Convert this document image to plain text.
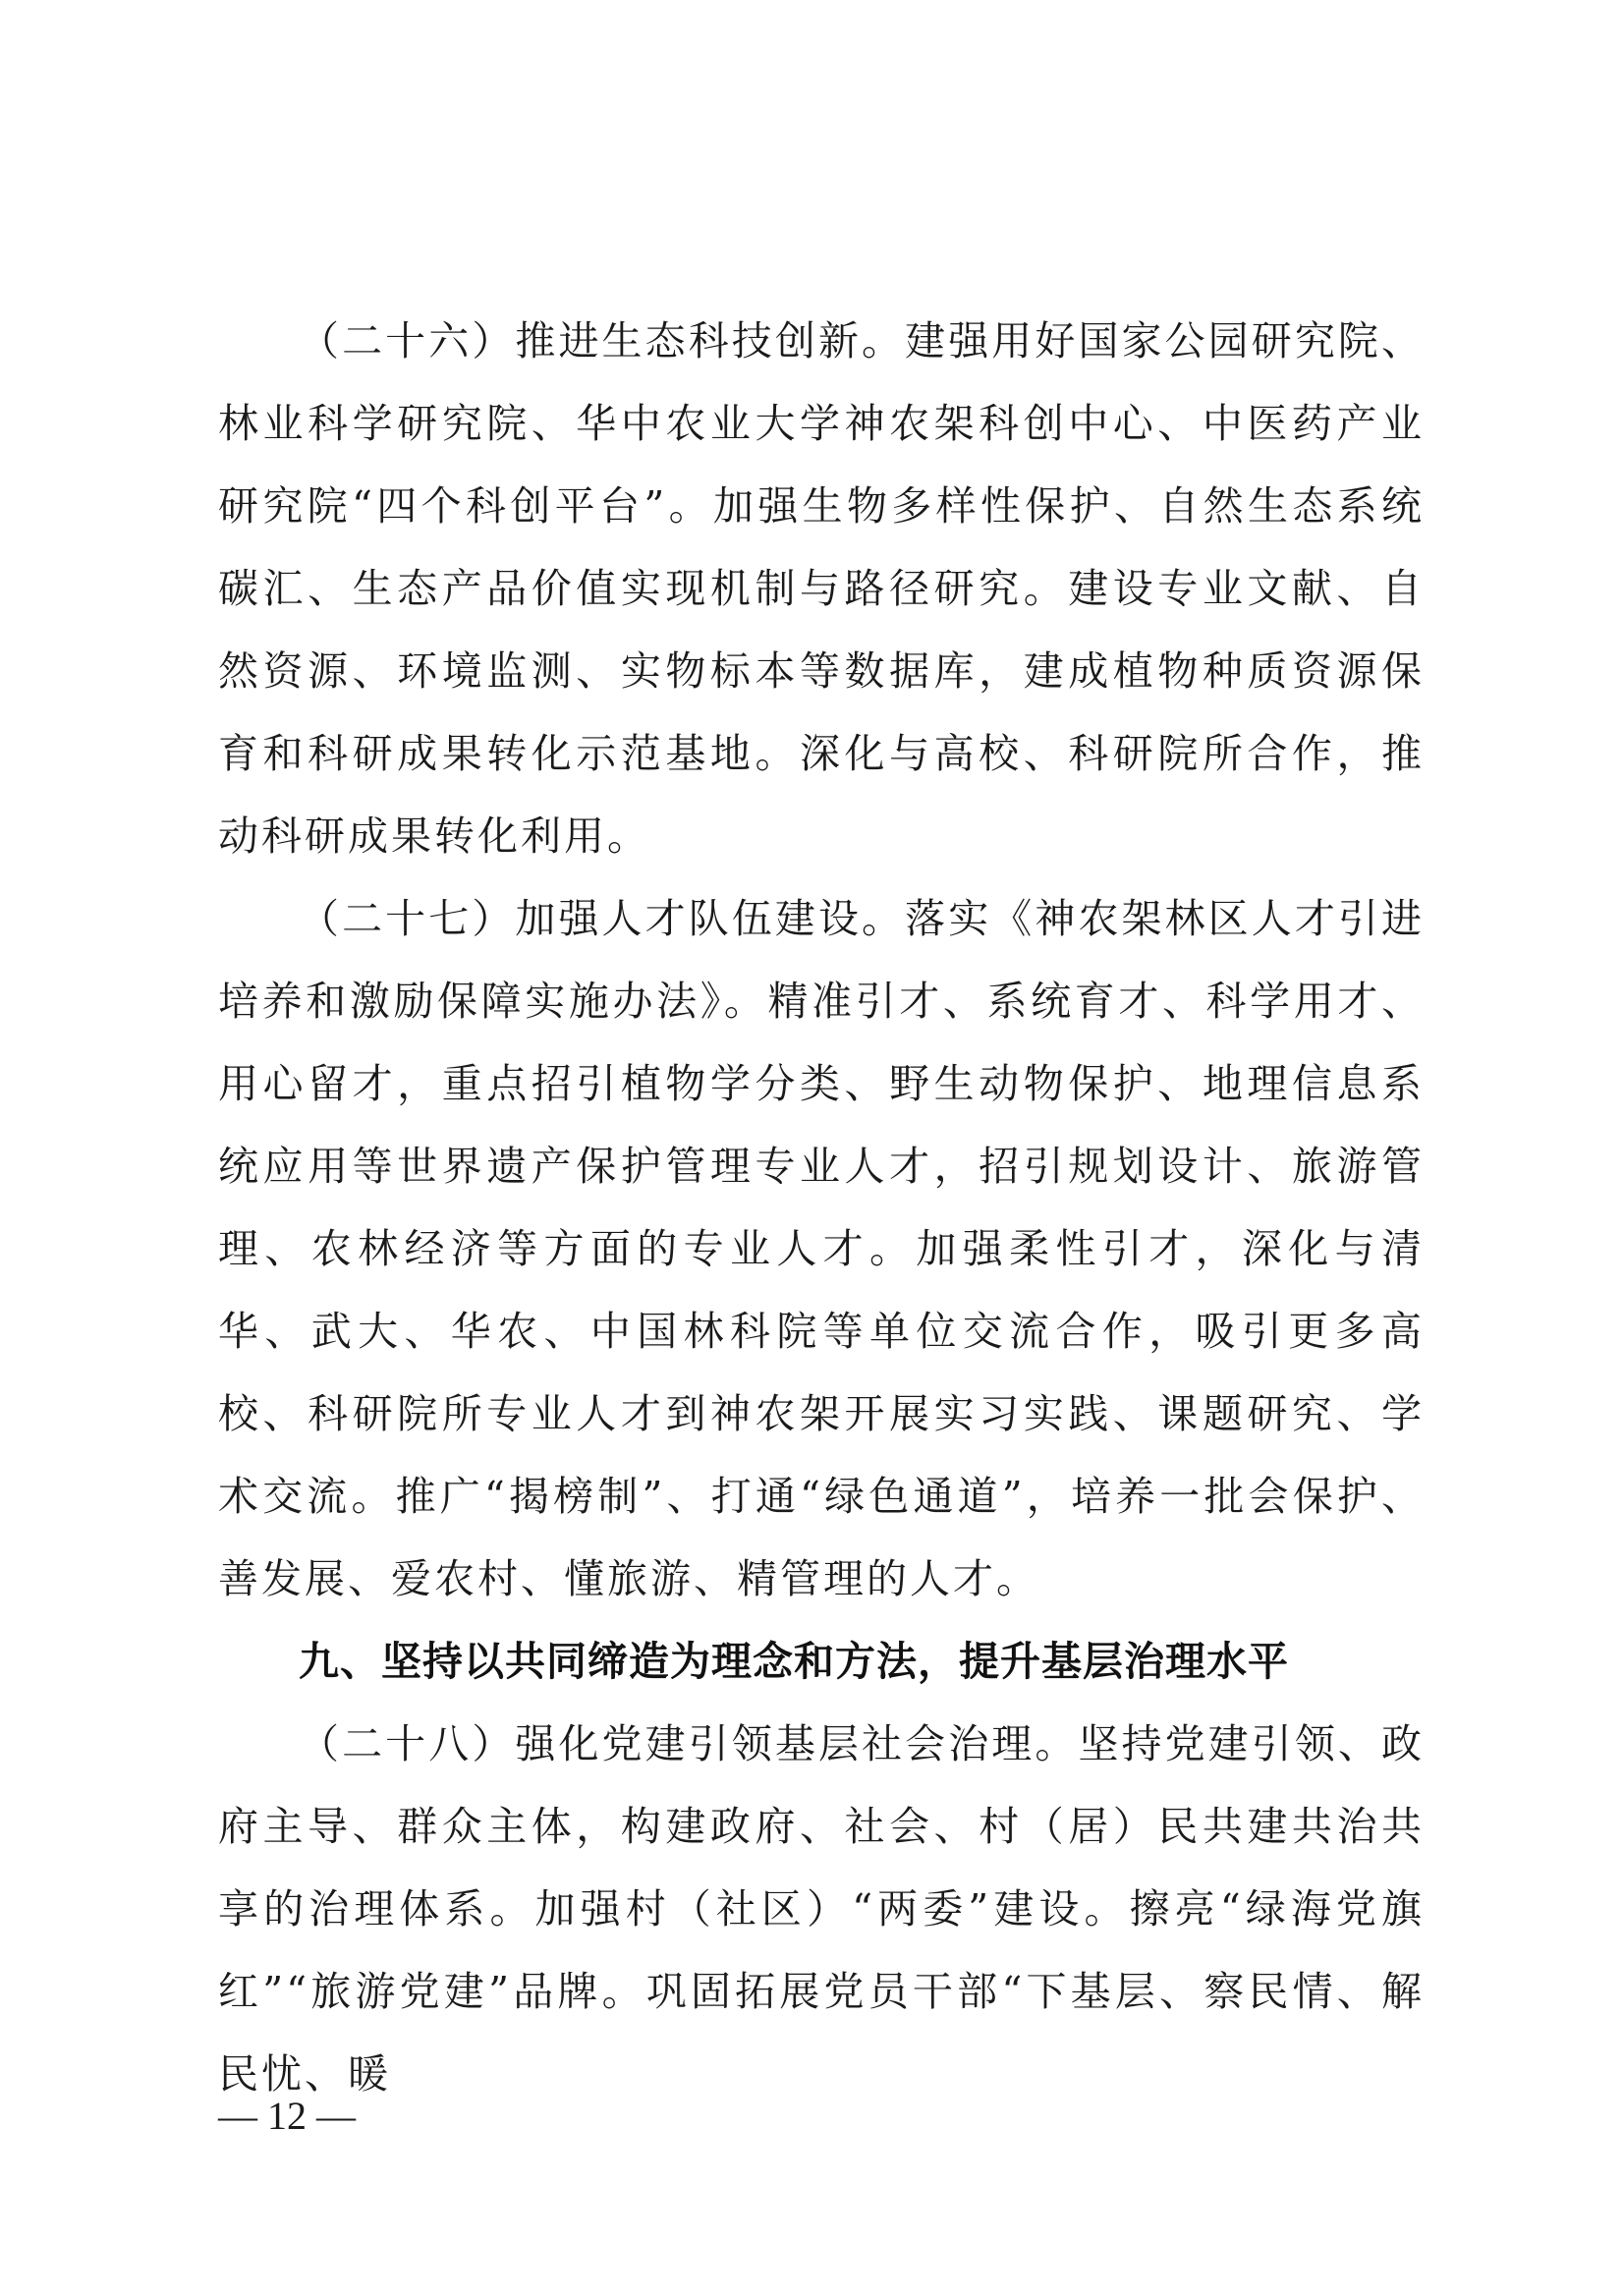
（二十六）推进生态科技创新。建强用好国家公园研究院、林业科学研究院、华中农业大学神农架科创中心、中医药产业研究院“四个科创平台”。加强生物多样性保护、自然生态系统碳汇、生态产品价值实现机制与路径研究。建设专业文献、自然资源、环境监测、实物标本等数据库，建成植物种质资源保育和科研成果转化示范基地。深化与高校、科研院所合作，推动科研成果转化利用。

（二十七）加强人才队伍建设。落实《神农架林区人才引进培养和激励保障实施办法》。精准引才、系统育才、科学用才、用心留才，重点招引植物学分类、野生动物保护、地理信息系统应用等世界遗产保护管理专业人才，招引规划设计、旅游管理、农林经济等方面的专业人才。加强柔性引才，深化与清华、武大、华农、中国林科院等单位交流合作，吸引更多高校、科研院所专业人才到神农架开展实习实践、课题研究、学术交流。推广“揭榜制”、打通“绿色通道”，培养一批会保护、善发展、爱农村、懂旅游、精管理的人才。

九、坚持以共同缔造为理念和方法，提升基层治理水平

（二十八）强化党建引领基层社会治理。坚持党建引领、政府主导、群众主体，构建政府、社会、村（居）民共建共治共享的治理体系。加强村（社区）“两委”建设。擦亮“绿海党旗红”“旅游党建”品牌。巩固拓展党员干部“下基层、察民情、解民忧、暖

— 12 —
